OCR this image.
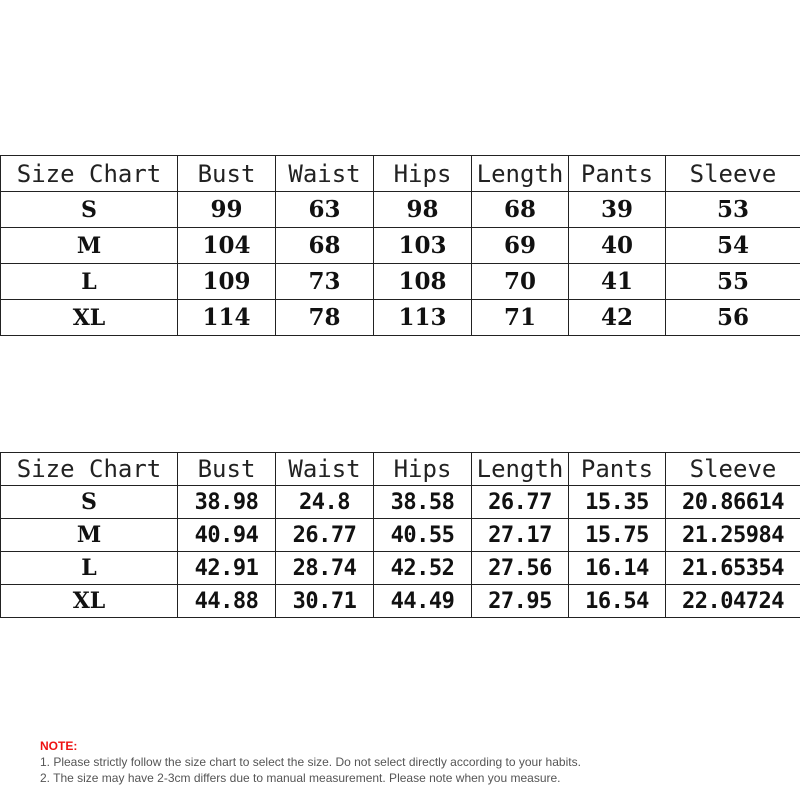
Size Chart	Bust	Waist	Hips	Length	Pants	Sleeve
S	99	63	98	68	39	53
M	104	68	103	69	40	54
L	109	73	108	70	41	55
XL	114	78	113	71	42	56
Size Chart	Bust	Waist	Hips	Length	Pants	Sleeve
S	38.98	24.8	38.58	26.77	15.35	20.86614
M	40.94	26.77	40.55	27.17	15.75	21.25984
L	42.91	28.74	42.52	27.56	16.14	21.65354
XL	44.88	30.71	44.49	27.95	16.54	22.04724
NOTE:
1. Please strictly follow the size chart to select the size. Do not select directly according to your habits.
2. The size may have 2-3cm differs due to manual measurement. Please note when you measure.
